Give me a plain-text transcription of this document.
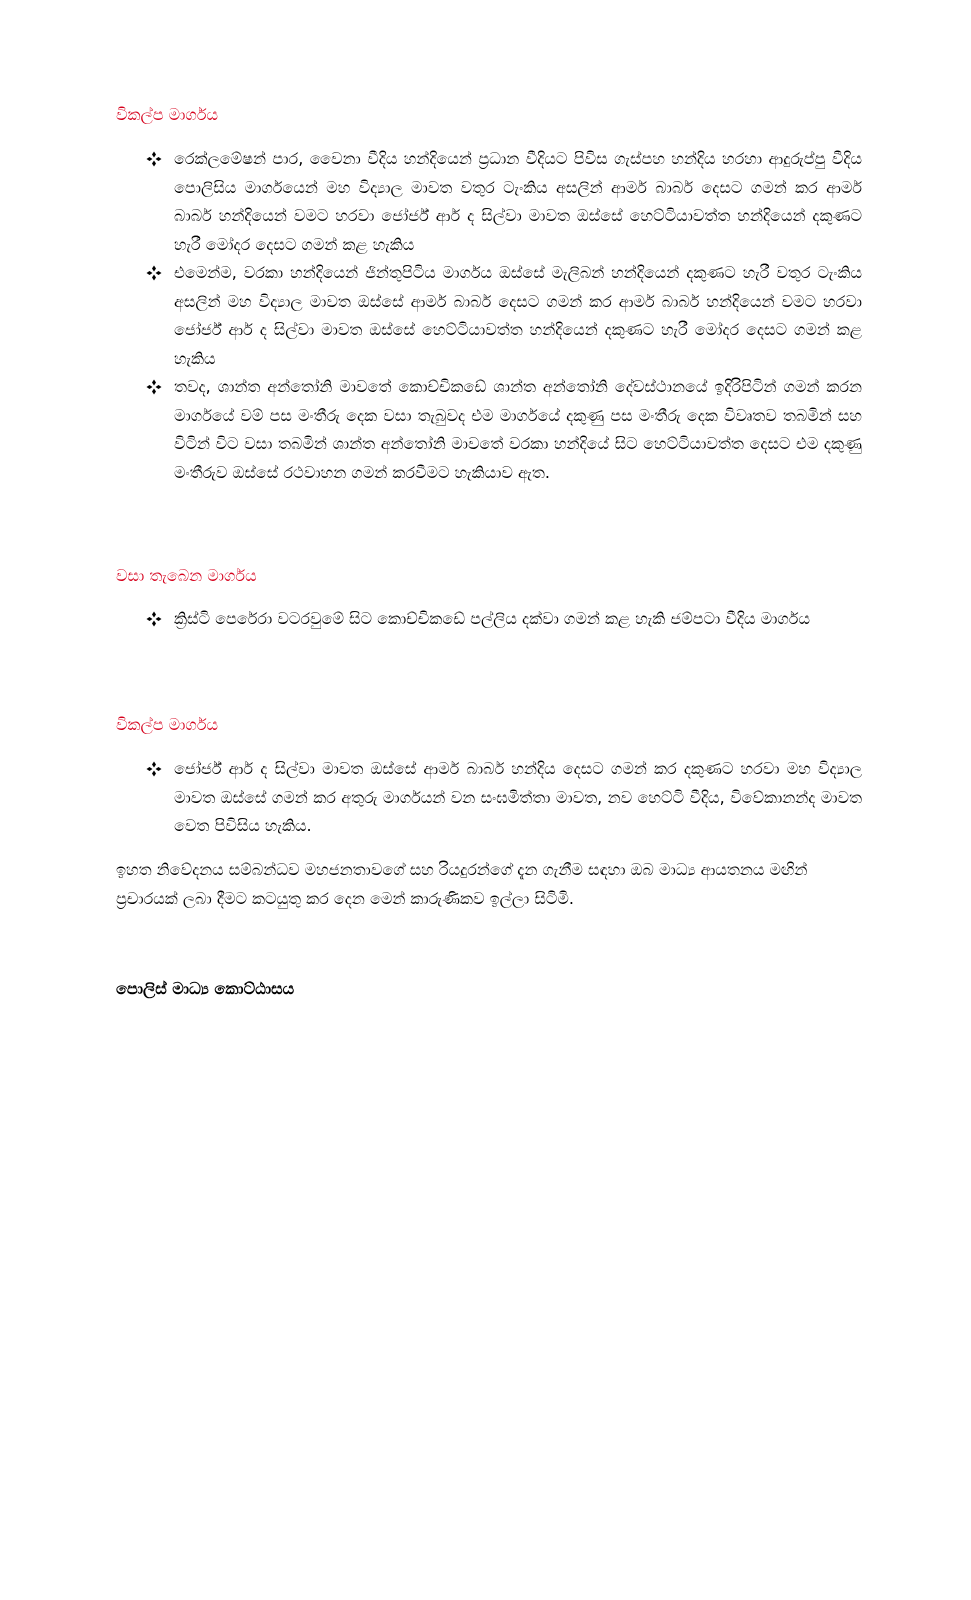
විකල්ප මාර්ගය
රෙක්ලමේෂන් පාර, වෛනා වීදිය හන්දියෙන් ප්‍රධාන වීදියට පිවිස ගැස්පහ හන්දිය හරහා ආදුරුප්පු වීදිය පොලිසිය මාර්ගයෙන් මහ විද්‍යාල මාවත වතුර ටැංකිය අසලින් ආමර් බාබර් දෙසට ගමන් කර ආමර් බාබර් හන්දියෙන් වමට හරවා ජෝර්ජ් ආර් ද සිල්වා මාවත ඔස්සේ හෙට්ටියාවත්ත හන්දියෙන් දකුණට හැරී මෝදර දෙසට ගමන් කළ හැකිය
එමෙන්ම, වරකා හන්දියෙන් ජින්තුපිටිය මාර්ගය ඔස්සේ මැලිබන් හන්දියෙන් දකුණට හැරී වතුර ටැංකිය අසලින් මහ විද්‍යාල මාවත ඔස්සේ ආමර් බාබර් දෙසට ගමන් කර ආමර් බාබර් හන්දියෙන් වමට හරවා ජෝර්ජ් ආර් ද සිල්වා මාවත ඔස්සේ හෙට්ටියාවත්ත හන්දියෙන් දකුණට හැරී මෝදර දෙසට ගමන් කළ හැකිය
තවද, ශාන්ත අන්තෝනි මාවතේ කොච්චිකඩේ ශාන්ත අන්තෝනි දේවස්ථානයේ ඉදිරිපිටින් ගමන් කරන මාර්ගයේ වම් පස මංතීරු දෙක වසා තැබුවද එම මාර්ගයේ දකුණු පස මංතීරු දෙක විවෘතව තබමින් සහ විටින් විට වසා තබමින් ශාන්ත අන්තෝනි මාවතේ වරකා හන්දියේ සිට හෙට්ටියාවත්ත දෙසට එම දකුණු මංතීරුව ඔස්සේ රථවාහන ගමන් කරවීමට හැකියාව ඇත.
වසා තැබෙන මාර්ගය
ක්‍රිස්ටි පෙරේරා වටරවුමේ සිට කොච්චිකඩේ පල්ලිය දක්වා ගමන් කළ හැකි ජම්පටා වීදිය මාර්ගය
විකල්ප මාර්ගය
ජෝර්ජ් ආර් ද සිල්වා මාවත ඔස්සේ ආමර් බාබර් හන්දිය දෙසට ගමන් කර දකුණට හරවා මහ විද්‍යාල මාවත ඔස්සේ ගමන් කර අතුරු මාර්ගයන් වන සංඝමිත්තා මාවත, නව හෙට්ටි වීදිය, විවේකානන්ද මාවත වෙත පිවිසිය හැකිය.

ඉහත නිවේදනය සම්බන්ධව මහජනතාවගේ සහ රියදුරන්ගේ දැන ගැනීම සඳහා ඔබ මාධ්‍ය ආයතනය මඟින් ප්‍රචාරයක් ලබා දීමට කටයුතු කර දෙන මෙන් කාරුණිකව ඉල්ලා සිටිමි.

පොලිස් මාධ්‍ය කොට්ඨාසය
